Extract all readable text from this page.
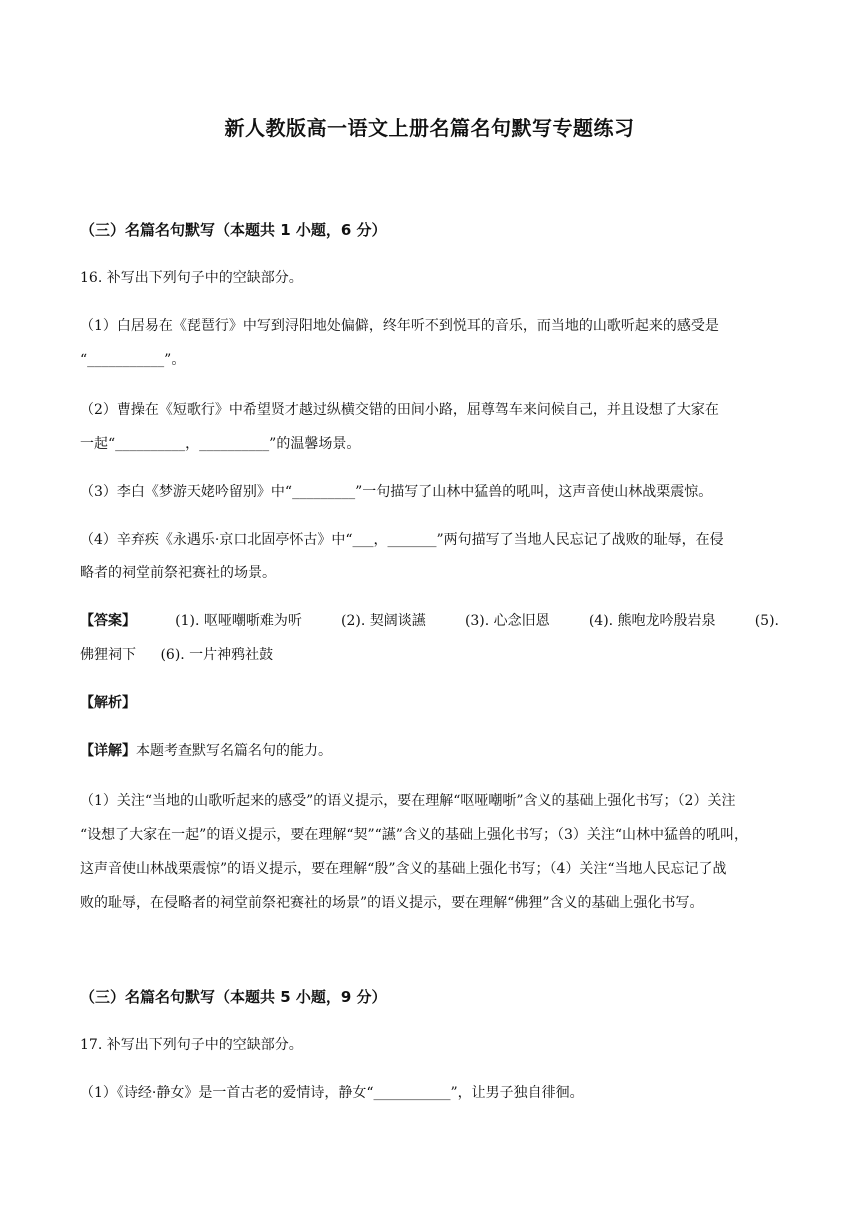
新人教版高一语文上册名篇名句默写专题练习
（三）名篇名句默写（本题共 1 小题，6 分）
16. 补写出下列句子中的空缺部分。
（1）白居易在《琵琶行》中写到浔阳地处偏僻，终年听不到悦耳的音乐，而当地的山歌听起来的感受是
“___________”。
（2）曹操在《短歌行》中希望贤才越过纵横交错的田间小路，屈尊驾车来问候自己，并且设想了大家在
一起“__________，__________”的温馨场景。
（3）李白《梦游天姥吟留别》中“_________”一句描写了山林中猛兽的吼叫，这声音使山林战栗震惊。
（4）辛弃疾《永遇乐·京口北固亭怀古》中“___，_______”两句描写了当地人民忘记了战败的耻辱，在侵
略者的祠堂前祭祀赛社的场景。
【答案】	(1). 呕哑嘲哳难为听	(2). 契阔谈讌	(3). 心念旧恩	(4). 熊咆龙吟殷岩泉	(5).
佛狸祠下 (6). 一片神鸦社鼓
【解析】
【详解】本题考查默写名篇名句的能力。
（1）关注“当地的山歌听起来的感受”的语义提示，要在理解“呕哑嘲哳”含义的基础上强化书写；（2）关注
“设想了大家在一起”的语义提示，要在理解“契”“讌”含义的基础上强化书写；（3）关注“山林中猛兽的吼叫，
这声音使山林战栗震惊”的语义提示，要在理解“殷”含义的基础上强化书写；（4）关注“当地人民忘记了战
败的耻辱，在侵略者的祠堂前祭祀赛社的场景”的语义提示，要在理解“佛狸”含义的基础上强化书写。
（三）名篇名句默写（本题共 5 小题，9 分）
17. 补写出下列句子中的空缺部分。
（1）《诗经·静女》是一首古老的爱情诗，静女“___________”，让男子独自徘徊。
